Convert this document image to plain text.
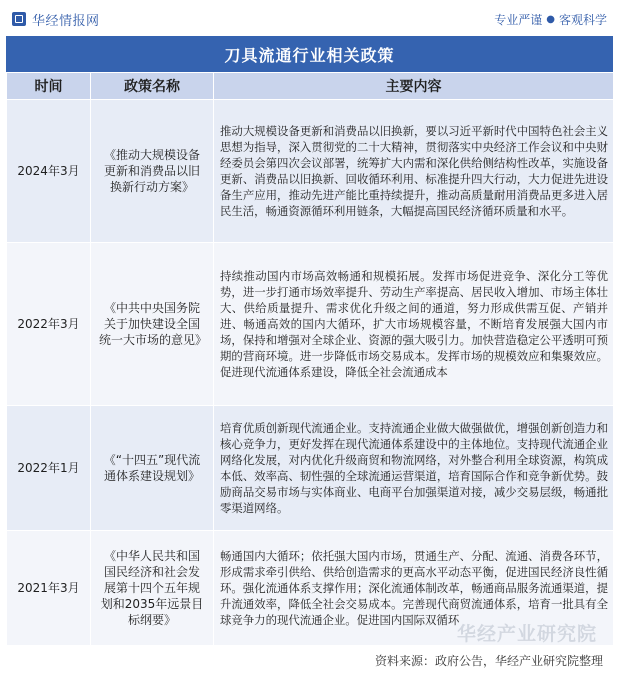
华经情报网	专业严谨 ● 客观科学
刀具流通行业相关政策
时间	政策名称	主要内容
2024年3月	《推动大规模设备更新和消费品以旧换新行动方案》	推动大规模设备更新和消费品以旧换新，要以习近平新时代中国特色社会主义思想为指导，深入贯彻党的二十大精神，贯彻落实中央经济工作会议和中央财经委员会第四次会议部署，统筹扩大内需和深化供给侧结构性改革，实施设备更新、消费品以旧换新、回收循环利用、标准提升四大行动，大力促进先进设备生产应用，推动先进产能比重持续提升，推动高质量耐用消费品更多进入居民生活，畅通资源循环利用链条，大幅提高国民经济循环质量和水平。
2022年3月	《中共中央国务院关于加快建设全国统一大市场的意见》	持续推动国内市场高效畅通和规模拓展。发挥市场促进竞争、深化分工等优势，进一步打通市场效率提升、劳动生产率提高、居民收入增加、市场主体壮大、供给质量提升、需求优化升级之间的通道，努力形成供需互促、产销并进、畅通高效的国内大循环，扩大市场规模容量，不断培育发展强大国内市场，保持和增强对全球企业、资源的强大吸引力。加快营造稳定公平透明可预期的营商环境。进一步降低市场交易成本。发挥市场的规模效应和集聚效应。促进现代流通体系建设，降低全社会流通成本
2022年1月	《“十四五”现代流通体系建设规划》	培育优质创新现代流通企业。支持流通企业做大做强做优，增强创新创造力和核心竞争力，更好发挥在现代流通体系建设中的主体地位。支持现代流通企业网络化发展，对内优化升级商贸和物流网络，对外整合利用全球资源，构筑成本低、效率高、韧性强的全球流通运营渠道，培育国际合作和竞争新优势。鼓励商品交易市场与实体商业、电商平台加强渠道对接，减少交易层级，畅通批零渠道网络。
2021年3月	《中华人民共和国国民经济和社会发展第十四个五年规划和2035年远景目标纲要》	畅通国内大循环；依托强大国内市场，贯通生产、分配、流通、消费各环节，形成需求牵引供给、供给创造需求的更高水平动态平衡，促进国民经济良性循环。强化流通体系支撑作用；深化流通体制改革，畅通商品服务流通渠道，提升流通效率，降低全社会交易成本。完善现代商贸流通体系，培育一批具有全球竞争力的现代流通企业。促进国内国际双循环
华经产业研究院
资料来源：政府公告，华经产业研究院整理
